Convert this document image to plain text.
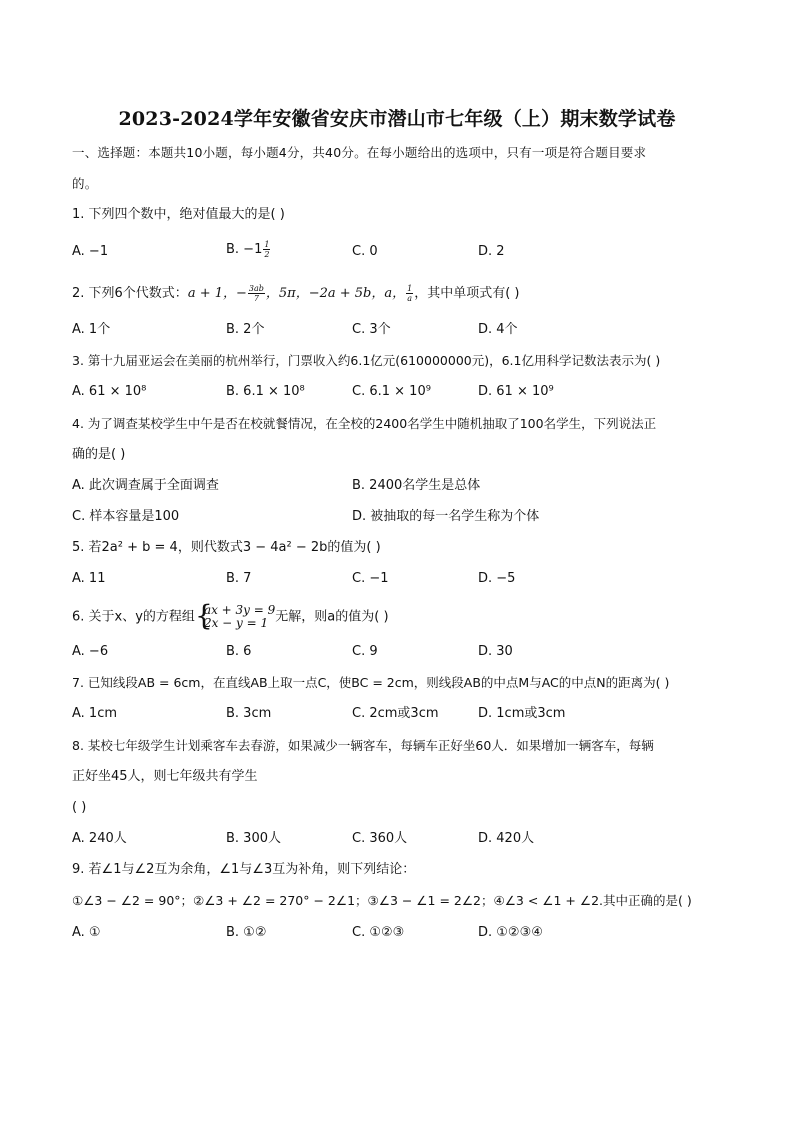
2023-2024学年安徽省安庆市潜山市七年级（上）期末数学试卷
一、选择题：本题共10小题，每小题4分，共40分。在每小题给出的选项中，只有一项是符合题目要求
的。
1. 下列四个数中，绝对值最大的是( )
A. −1	B. $-1 \frac{1}{2}$	C. 0	D. 2
2. 下列6个代数式：a + 1，− $\frac{3ab}{7}$ ，5π，−2a + 5b，a， $\frac{1}{a}$ ，其中单项式有( )
A. 1个	B. 2个	C. 3个	D. 4个
3. 第十九届亚运会在美丽的杭州举行，门票收入约6.1亿元(610000000元)，6.1亿用科学记数法表示为( )
A. 61 × 10⁸	B. 6.1 × 10⁸	C. 6.1 × 10⁹	D. 61 × 10⁹
4. 为了调查某校学生中午是否在校就餐情况，在全校的2400名学生中随机抽取了100名学生，下列说法正
确的是( )
A. 此次调查属于全面调查	B. 2400名学生是总体
C. 样本容量是100	D. 被抽取的每一名学生称为个体
5. 若2a² + b = 4，则代数式3 − 4a² − 2b的值为( )
A. 11	B. 7	C. −1	D. −5
6. 关于x、y的方程组 {
ax + 3y = 9
2x − y = 1 无解，则a的值为( )
A. −6	B. 6	C. 9	D. 30
7. 已知线段AB = 6cm，在直线AB上取一点C，使BC = 2cm，则线段AB的中点M与AC的中点N的距离为( )
A. 1cm	B. 3cm	C. 2cm或3cm	D. 1cm或3cm
8. 某校七年级学生计划乘客车去春游，如果减少一辆客车，每辆车正好坐60人．如果增加一辆客车，每辆
正好坐45人，则七年级共有学生
( )
A. 240人	B. 300人	C. 360人	D. 420人
9. 若∠1与∠2互为余角，∠1与∠3互为补角，则下列结论：
①∠3 − ∠2 = 90°；②∠3 + ∠2 = 270° − 2∠1；③∠3 − ∠1 = 2∠2；④∠3 < ∠1 + ∠2.其中正确的是( )
A. ①	B. ①②	C. ①②③	D. ①②③④
